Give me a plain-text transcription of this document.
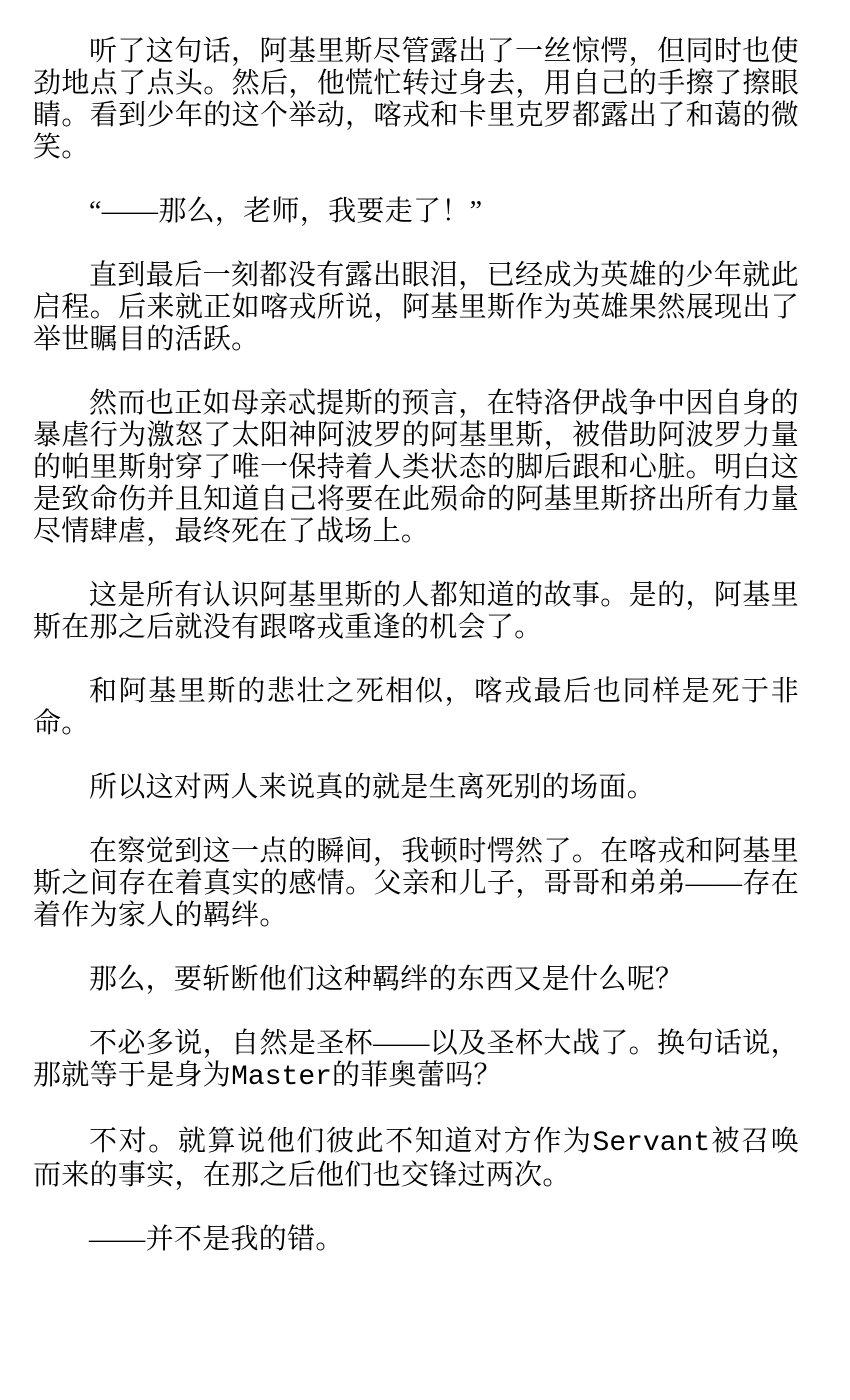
听了这句话，阿基里斯尽管露出了一丝惊愕，但同时也使劲地点了点头。然后，他慌忙转过身去，用自己的手擦了擦眼睛。看到少年的这个举动，喀戎和卡里克罗都露出了和蔼的微笑。

“——那么，老师，我要走了！”

直到最后一刻都没有露出眼泪，已经成为英雄的少年就此启程。后来就正如喀戎所说，阿基里斯作为英雄果然展现出了举世瞩目的活跃。

然而也正如母亲忒提斯的预言，在特洛伊战争中因自身的暴虐行为激怒了太阳神阿波罗的阿基里斯，被借助阿波罗力量的帕里斯射穿了唯一保持着人类状态的脚后跟和心脏。明白这是致命伤并且知道自己将要在此殒命的阿基里斯挤出所有力量尽情肆虐，最终死在了战场上。

这是所有认识阿基里斯的人都知道的故事。是的，阿基里斯在那之后就没有跟喀戎重逢的机会了。

和阿基里斯的悲壮之死相似，喀戎最后也同样是死于非命。

所以这对两人来说真的就是生离死别的场面。

在察觉到这一点的瞬间，我顿时愕然了。在喀戎和阿基里斯之间存在着真实的感情。父亲和儿子，哥哥和弟弟——存在着作为家人的羁绊。

那么，要斩断他们这种羁绊的东西又是什么呢？

不必多说，自然是圣杯——以及圣杯大战了。换句话说，那就等于是身为Master的菲奥蕾吗？

不对。就算说他们彼此不知道对方作为Servant被召唤而来的事实，在那之后他们也交锋过两次。

——并不是我的错。
